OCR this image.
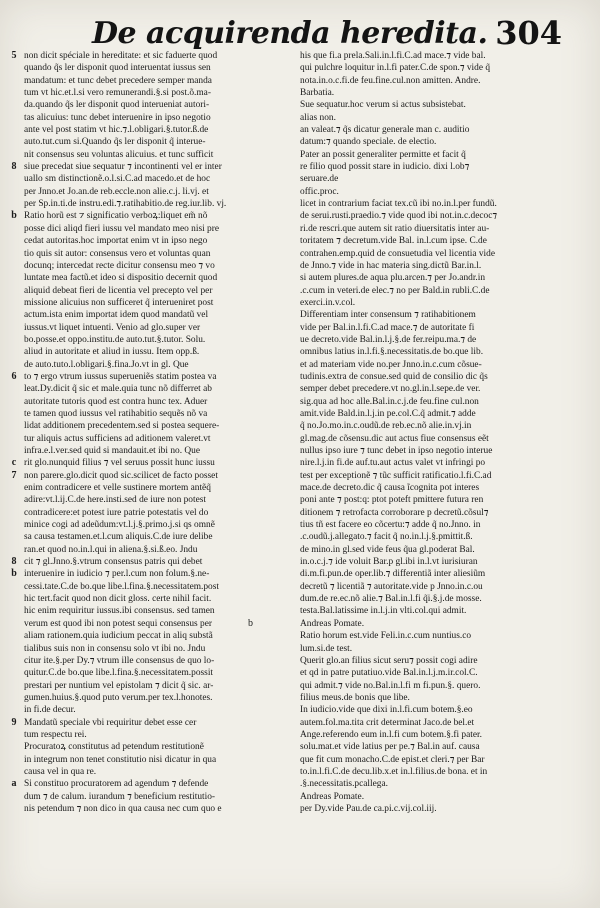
De acquirenda heredita. 304
5 non dicit spéciale in hereditate: et sic faduerte quod
quando q̃s ler disponit quod interuentat iussus sen
mandatum: et tunc debet precedere semper manda
tum vt hic.et.l.si vero remunerandi.§.si post.õ.ma-
da.quando q̃s ler disponit quod interueniat autori-
tas alicuius: tunc debet interuenire in ipso negotio
ante vel post statim vt hic.⁊.l.obligari.§.tutor.ß.de
auto.tut.cum si.Quando q̃s ler disponit q̃ interue-
nit consensus seu voluntas alicuius. et tunc sufficit
8 siue precedat siue sequatur ⁊ incontinenti vel er inter
uallo sm distinctionẽ.o.l.si.C.ad macedo.et de hoc
per Jnno.et Jo.an.de reb.eccle.non alie.c.j. li.vj. et
per Sp.in.ti.de instru.edi.⁊.ratihabitio.de reg.iur.lib. vj.
b Ratio horũ est ⁊ significatio verboꝝ:liquet em̃ nõ
posse dici aliqd fieri iussu vel mandato meo nisi pre
cedat autoritas.hoc importat enim vt in ipso nego
tio quis sit autor: consensus vero et voluntas quan
docunq; intercedat recte dicitur consensu meo ⁊ vo
luntate mea factũ.et ideo si dispositio decernit quod
aliquid debeat fieri de licentia vel precepto vel per
missione alicuius non sufficeret q̃ interueniret post
actum.ista enim importat idem quod mandatũ vel
iussus.vt liquet intuenti. Venio ad glo.super ver
bo.posse.et oppo.institu.de auto.tut.§.tutor. Solu.
aliud in autoritate et aliud in iussu. Item opp.ß.
de auto.tuto.l.obligari.§.fina.Jo.vt in gl. Que
6 to ⁊ ergo vtrum iussus superueniẽs statim postea va
leat.Dy.dicit q̃ sic et male.quia tunc nõ differret ab
autoritate tutoris quod est contra hunc tex. Aduer
te tamen quod iussus vel ratihabitio sequẽs nõ va
lidat additionem precedentem.sed si postea sequere-
tur aliquis actus sufficiens ad aditionem valeret.vt
infra.e.l.ver.sed quid si mandauit.et ibi no. Que
c rit glo.nunquid filius ⁊ vel seruus possit hunc iussu
7 non parere.glo.dicit quod sic.scilicet de facto posset
enim contradicere et velle sustinere mortem antẽq̃
adire:vt.l.ij.C.de here.insti.sed de iure non potest
contradicere:et potest iure patrie potestatis vel do
minice cogi ad adeũdum:vt.l.j.§.primo.j.si qs omnẽ
sa causa testamen.et.l.cum aliquis.C.de iure delibe
ran.et quod no.in.l.qui in aliena.§.si.ß.eo. Jndu
8 cit ⁊ gl.Jnno.§.vtrum consensus patris qui debet
b interuenire in iudicio ⁊ per.l.cum non folum.§.ne-
cessi.tate.C.de bo.que libe.l.fina.§.necessitatem.post
hic tert.facit quod non dicit gloss. certe nihil facit.
hic enim requiritur iussus.ibi consensus. sed tamen
verum est quod ibi non potest sequi consensus per
aliam rationem.quia iudicium peccat in aliq substã
tialibus suis non in consensu solo vt ibi no. Jndu
citur ite.§.per Dy.⁊ vtrum ille consensus de quo lo-
quitur.C.de bo.que libe.l.fina.§.necessitatem.possit
prestari per nuntium vel epistolam ⁊ dicit q̃ sic. ar-
gumen.huius.§.quod puto verum.per tex.l.honotes.
in fi.de decur.
9 Mandatũ speciale vbi requiritur debet esse cer
tum respectu rei.
Procuratoꝝ constitutus ad petendum restitutionẽ
in integrum non tenet constitutio nisi dicatur in qua
causa vel in qua re.
a Si constituo procuratorem ad agendum ⁊ defende
dum ⁊ de calum. iurandum ⁊ beneficium restitutio-
nis petendum ⁊ non dico in qua causa nec cum quo e
his que fi.a prela.Sali.in.l.fi.C.ad mace.⁊ vide bal.
qui pulchre loquitur in.l.fi pater.C.de spon.⁊ vide q̃
nota.in.o.c.fi.de feu.fine.cul.non amitten. Andre.
Barbatia.
Sue sequatur.hoc verum si actus subsistebat.
alias non.
an valeat.⁊ q̃s dicatur generale man c. auditio
datum:⁊ quando speciale. de electio.
Pater an possit generaliter permitte et facit q̃
re filio quod possit stare in iudicio. dixi l.ob⁊
seruare.de
offic.proc.
licet in contrarium faciat tex.cũ ibi no.in.l.per fundũ.
de serui.rusti.praedio.⁊ vide quod ibi not.in.c.decoc⁊
ri.de rescri.que autem sit ratio diuersitatis inter au-
toritatem ⁊ decretum.vide Bal. in.l.cum ipse. C.de
contrahen.emp.quid de consuetudia vel licentia vide
de Jnno.⁊ vide in hac materia sing.dictũ Bar.in.l.
si autem plures.de aqua plu.arcen.⁊ per Jo.andr.in
.c.cum in veteri.de elec.⁊ no per Bald.in rubli.C.de
exerci.in.v.col.
Differentiam inter consensum ⁊ ratihabitionem
vide per Bal.in.l.fi.C.ad mace.⁊ de autoritate fi
ue decreto.vide Bal.in.l.j.§.de fer.reipu.ma.⁊ de
omnibus latius in.l.fi.§.necessitatis.de bo.que lib.
et ad materiam vide no.per Jnno.in.c.cum cõsue-
tudinis.extra de consue.sed quid de consilio dic q̃s
semper debet precedere.vt no.gl.in.l.sepe.de ver.
sig.qua ad hoc alle.Bal.in.c.j.de feu.fine cul.non
amit.vide Bald.in.l.j.in pe.col.C.q̃ admit.⁊ adde
q̃ no.Jo.mo.in.c.oudũ.de reb.ec.nõ alie.in.vj.in
gl.mag.de cõsensu.dic aut actus fiue consensus eẽt
nullus ipso iure ⁊ tunc debet in ipso negotio interue
nire.l.j.in fi.de auf.tu.aut actus valet vt infringi po
test per exceptionẽ ⁊ tũc sufficit ratificatio.l.fi.C.ad
mace.de decreto.dic q̃ causa ĩcognita pot interes
poni ante ⁊ post:q: ptot poteft pmittere futura ren
ditionem ⁊ retrofacta corroborare p decretũ.cõsul⁊
tius tñ est facere eo cõcertu:⁊ adde q̃ no.Jnno. in
.c.oudũ.j.allegato.⁊ facit q̃ no.in.l.j.§.pmittit.ß.
de mino.in gl.sed vide feus q̃ua gl.poderat Bal.
in.o.c.j.⁊ ide voluit Bar.p gl.ibi in.l.vt iurisiuran
di.m.fi.pun.de oper.lib.⁊ differentiã inter aliesiũm
decretũ ⁊ licentiã ⁊ autoritate.vide p Jnno.in.c.ou
dum.de re.ec.nõ alie.⁊ Bal.in.l.fi q̃i.§.j.de mosse.
testa.Bal.latissime in.l.j.in vlti.col.qui admit.
Andreas Pomate.
Ratio horum est.vide Feli.in.c.cum nuntius.co
lum.si.de test.
Querit glo.an filius sicut seru⁊ possit cogi adire
et qd in patre putatiuo.vide Bal.in.l.j.m.ir.col.C.
qui admit.⁊ vide no.Bal.in.l.fi m fi.pun.§. quero.
filius meus.de bonis que libe.
In iudicio.vide que dixi in.l.fi.cum botem.§.eo
autem.fol.ma.tita crit determinat Jaco.de bel.et
Ange.referendo eum in.l.fi cum botem.§.fi pater.
solu.mat.et vide latius per pe.⁊ Bal.in auf. causa
que fit cum monacho.C.de epist.et cleri.⁊ per Bar
to.in.l.fi.C.de decu.lib.x.et in.l.filius.de bona. et in
.§.necessitatis.pcallega.
Andreas Pomate.
per Dy.vide Pau.de ca.pi.c.vij.col.iij.
b
